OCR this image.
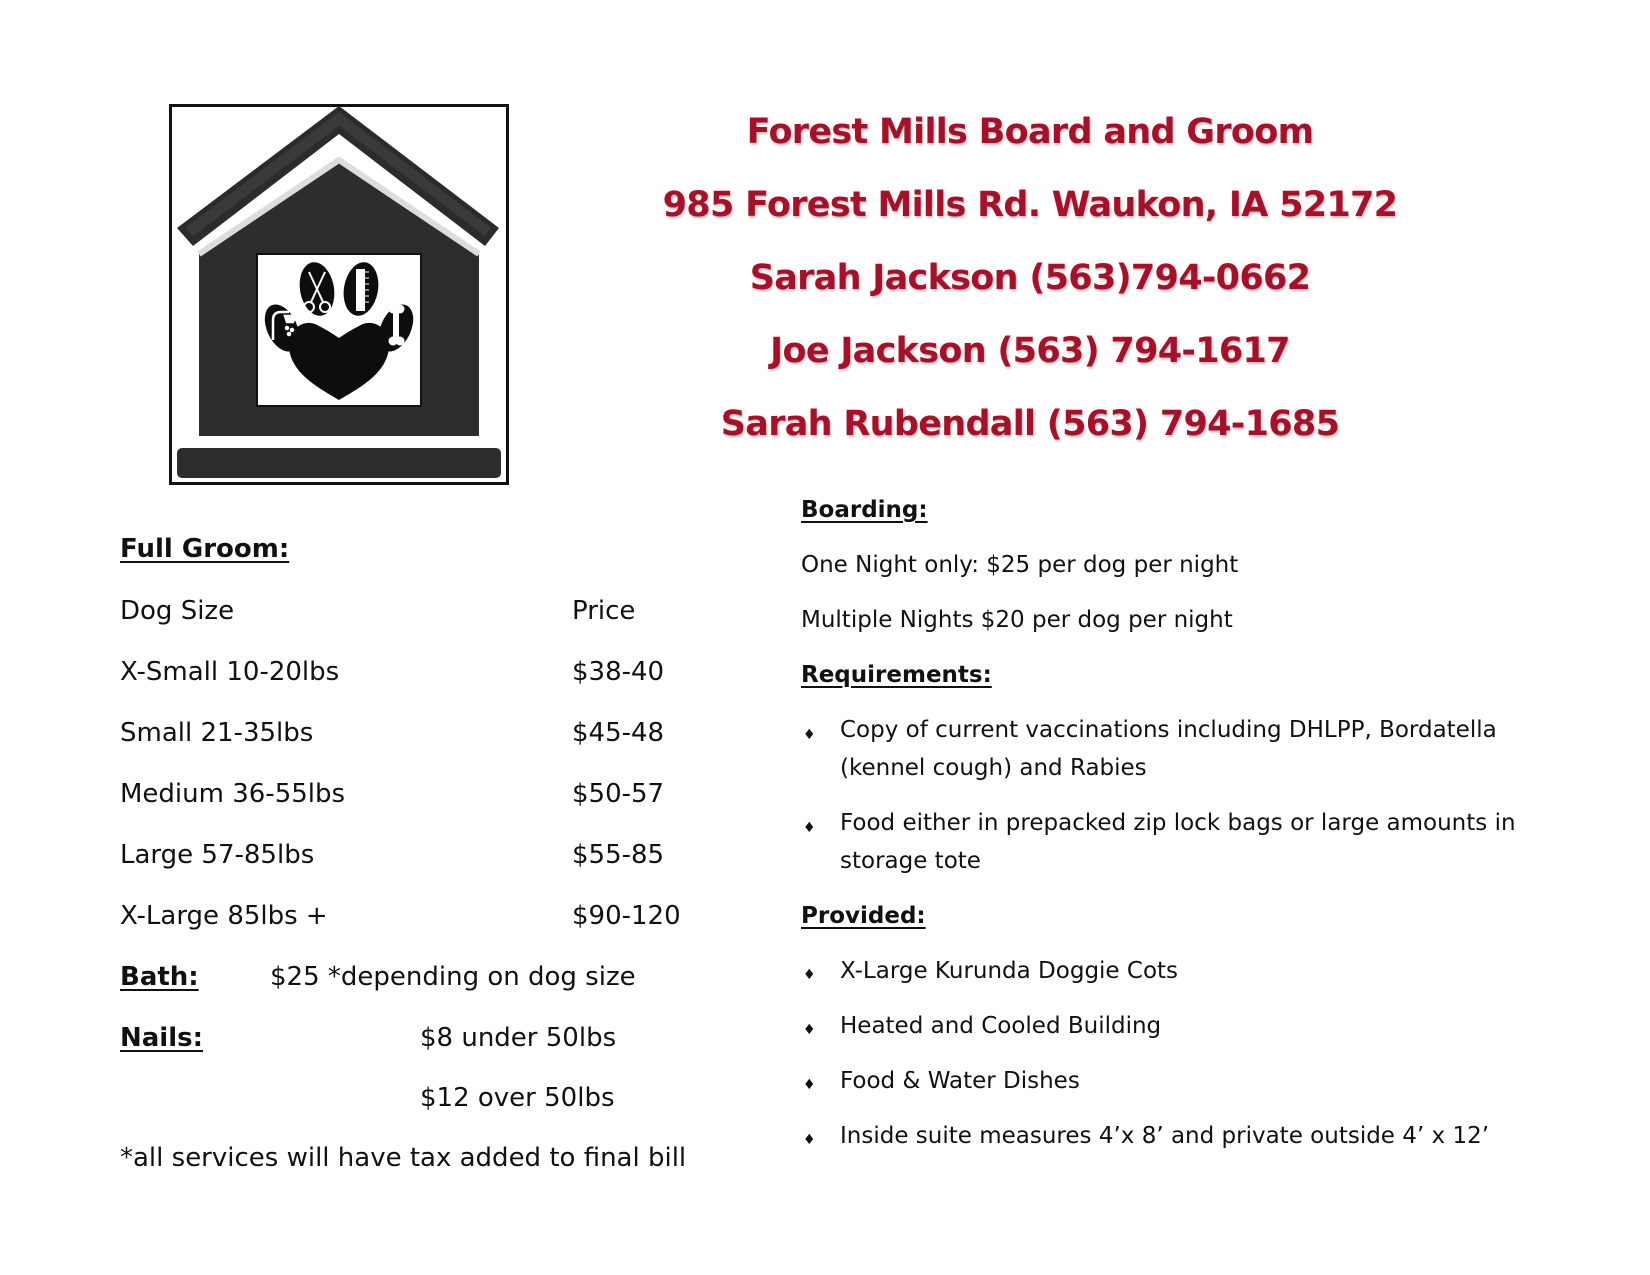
Forest Mills Board and Groom
985 Forest Mills Rd. Waukon, IA 52172
Sarah Jackson (563)794-0662
Joe Jackson (563) 794-1617
Sarah Rubendall (563) 794-1685
Full Groom:
Dog Size	Price
X-Small 10-20lbs	$38-40
Small 21-35lbs	$45-48
Medium 36-55lbs	$50-57
Large 57-85lbs	$55-85
X-Large 85lbs +	$90-120
Bath:	$25 *depending on dog size
Nails:	$8 under 50lbs
$12 over 50lbs
*all services will have tax added to final bill
Boarding:
One Night only: $25 per dog per night
Multiple Nights $20 per dog per night
Requirements:
♦ Copy of current vaccinations including DHLPP, Bordatella (kennel cough) and Rabies
♦ Food either in prepacked zip lock bags or large amounts in storage tote
Provided:
♦ X-Large Kurunda Doggie Cots
♦ Heated and Cooled Building
♦ Food & Water Dishes
♦ Inside suite measures 4’x 8’ and private outside 4’ x 12’
